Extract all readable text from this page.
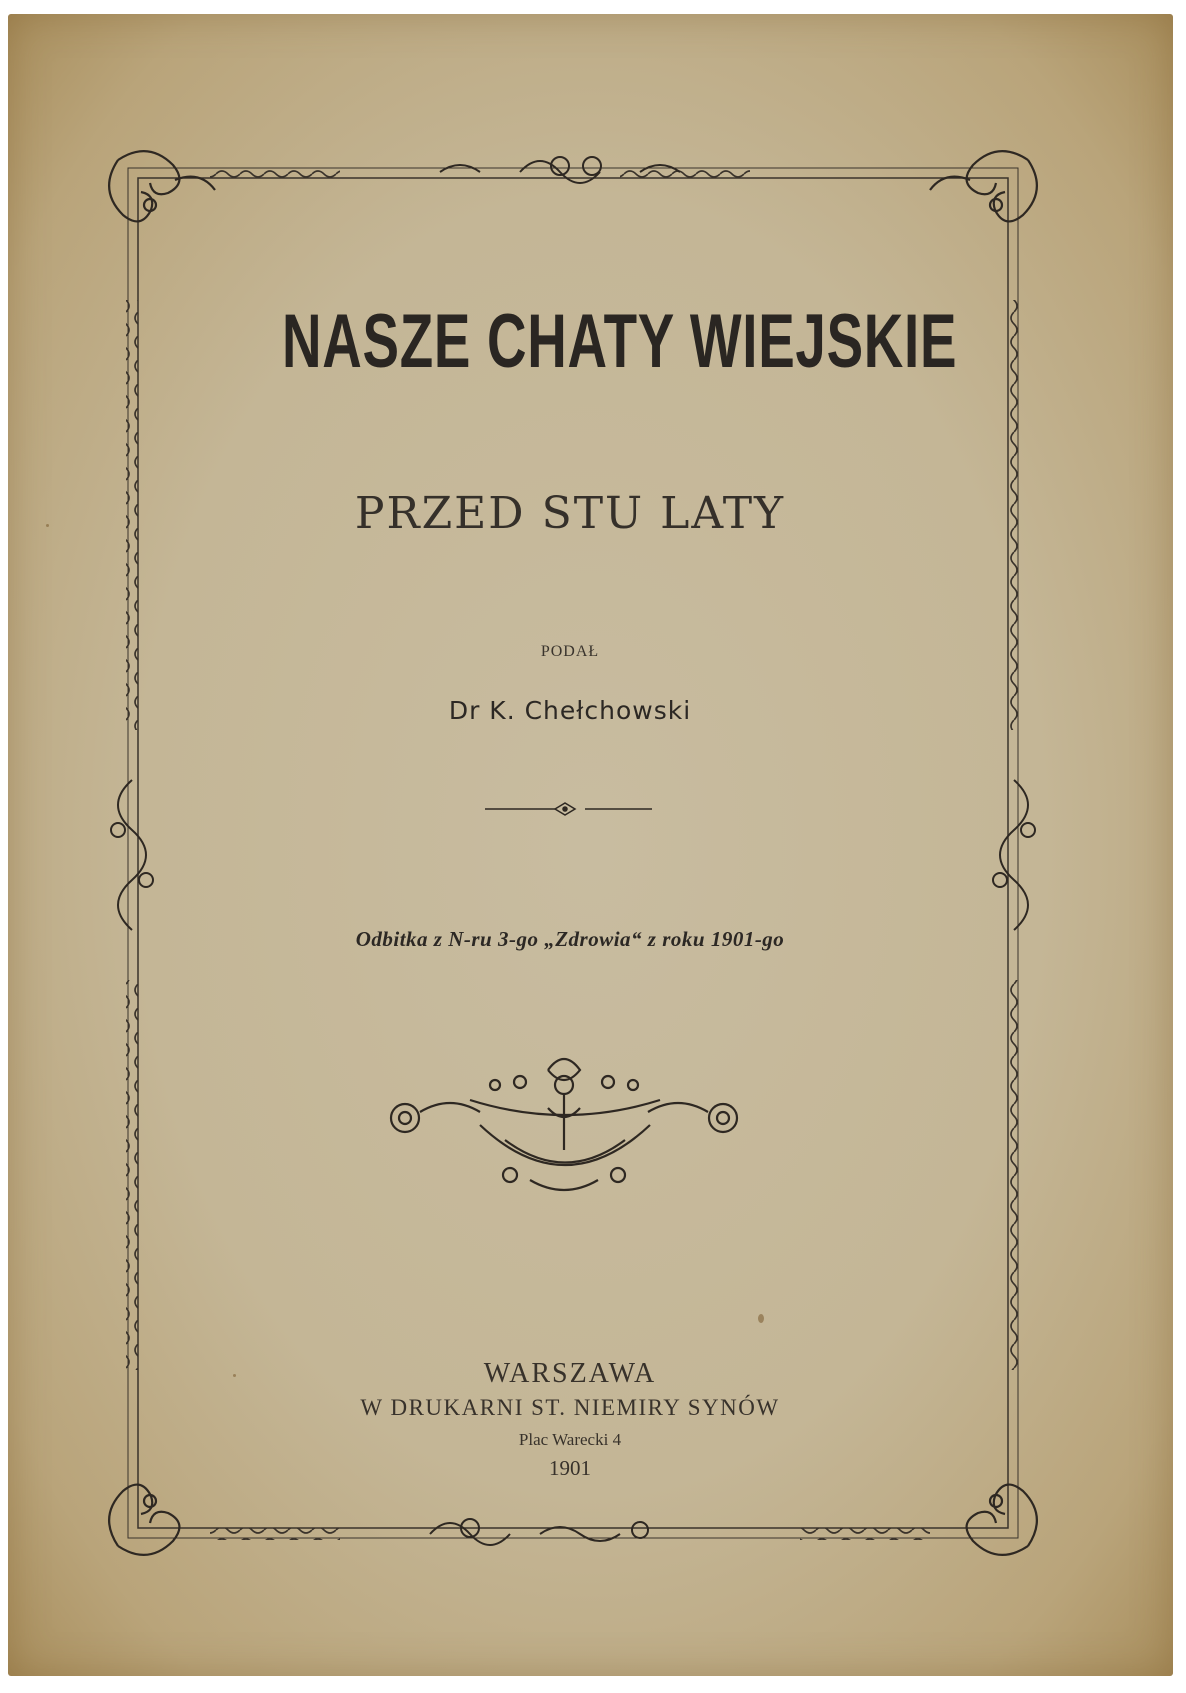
NASZE CHATY WIEJSKIE
PRZED STU LATY
PODAŁ
Dr K. Chełchowski
Odbitka z N-ru 3-go „Zdrowia“ z roku 1901-go
WARSZAWA
W DRUKARNI ST. NIEMIRY SYNÓW
Plac Warecki 4
1901
